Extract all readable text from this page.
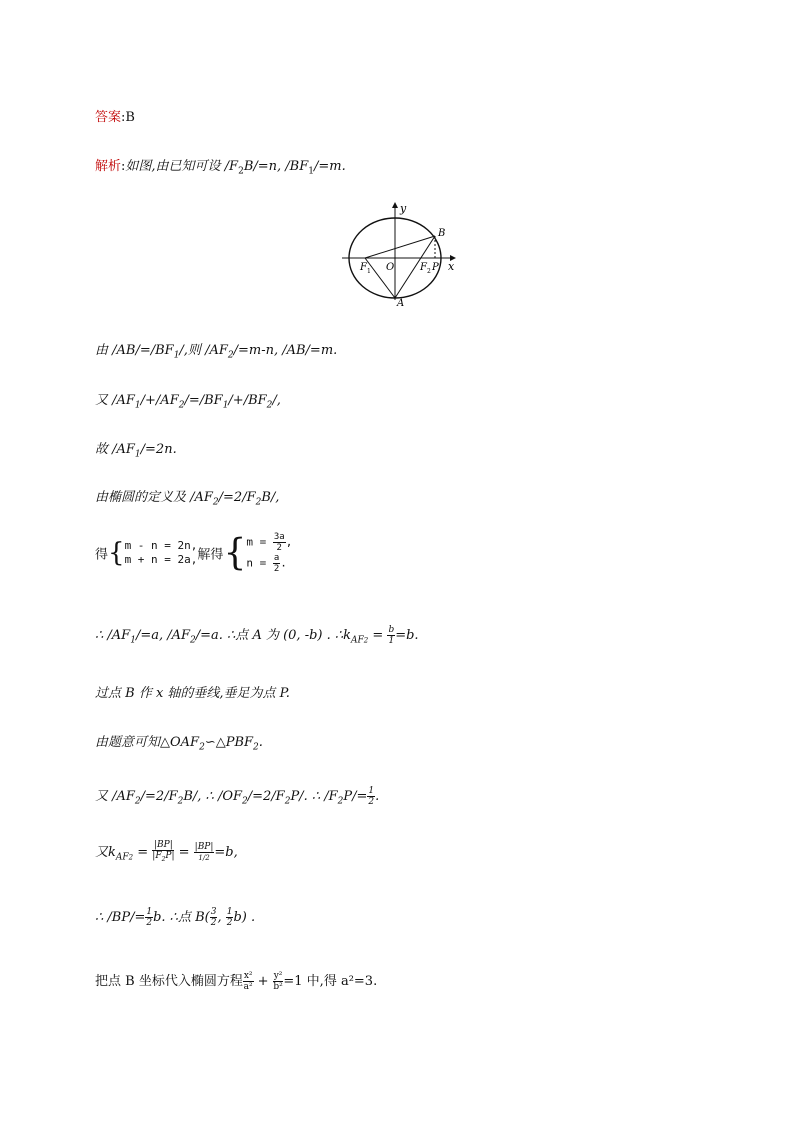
答案:B
解析:如图,由已知可设 $/F_2B/=n$, $/BF_1/=m$.
y
x
O
F 1	F 2 P
B
A
由 $/AB/=/BF_1/$,则 $/AF_2/=m-n$, /AB/=m.
又 $/AF_1/+/AF_2/=/BF_1/+/BF_2/$,
故 $/AF_1/=2n$.
由椭圆的定义及 $/AF_2/=2/F_2B/$,
得{m - n = 2n,
m + n = 2a,解得{$m = \frac{3a}{2}$ ,
$n = \frac{a}{2}$ .
∴ $/AF_1/=a$, $/AF_2/=a$. ∴点 A 为 (0, -b) . $\therefore k_{AF2} = \frac{b}{1} =b$.
过点 B 作 x 轴的垂线,垂足为点 P.
由题意可知$\triangle OAF_2∽\triangle PBF_2$.
又 $/AF_2/=2/F_2B/$, ∴ $/OF_2/=2/F_2P/$. ∴ $/F_2P/= \frac{1}{2}$ .
又$k_{AF2} = \frac{|BP|}{|F_2P|} = \frac{|BP|}{1/2} =b$,
∴ $/BP/= \frac{1}{2} b$. ∴点 $B( \frac{3}{2}$ , $\frac{1}{2} b$) .
把点 B 坐标代入椭圆方程 $\frac{\text{x²}}{\text{a²}} + \frac{\text{y²}}{\text{b²}} =1$ 中,得 a²=3.
